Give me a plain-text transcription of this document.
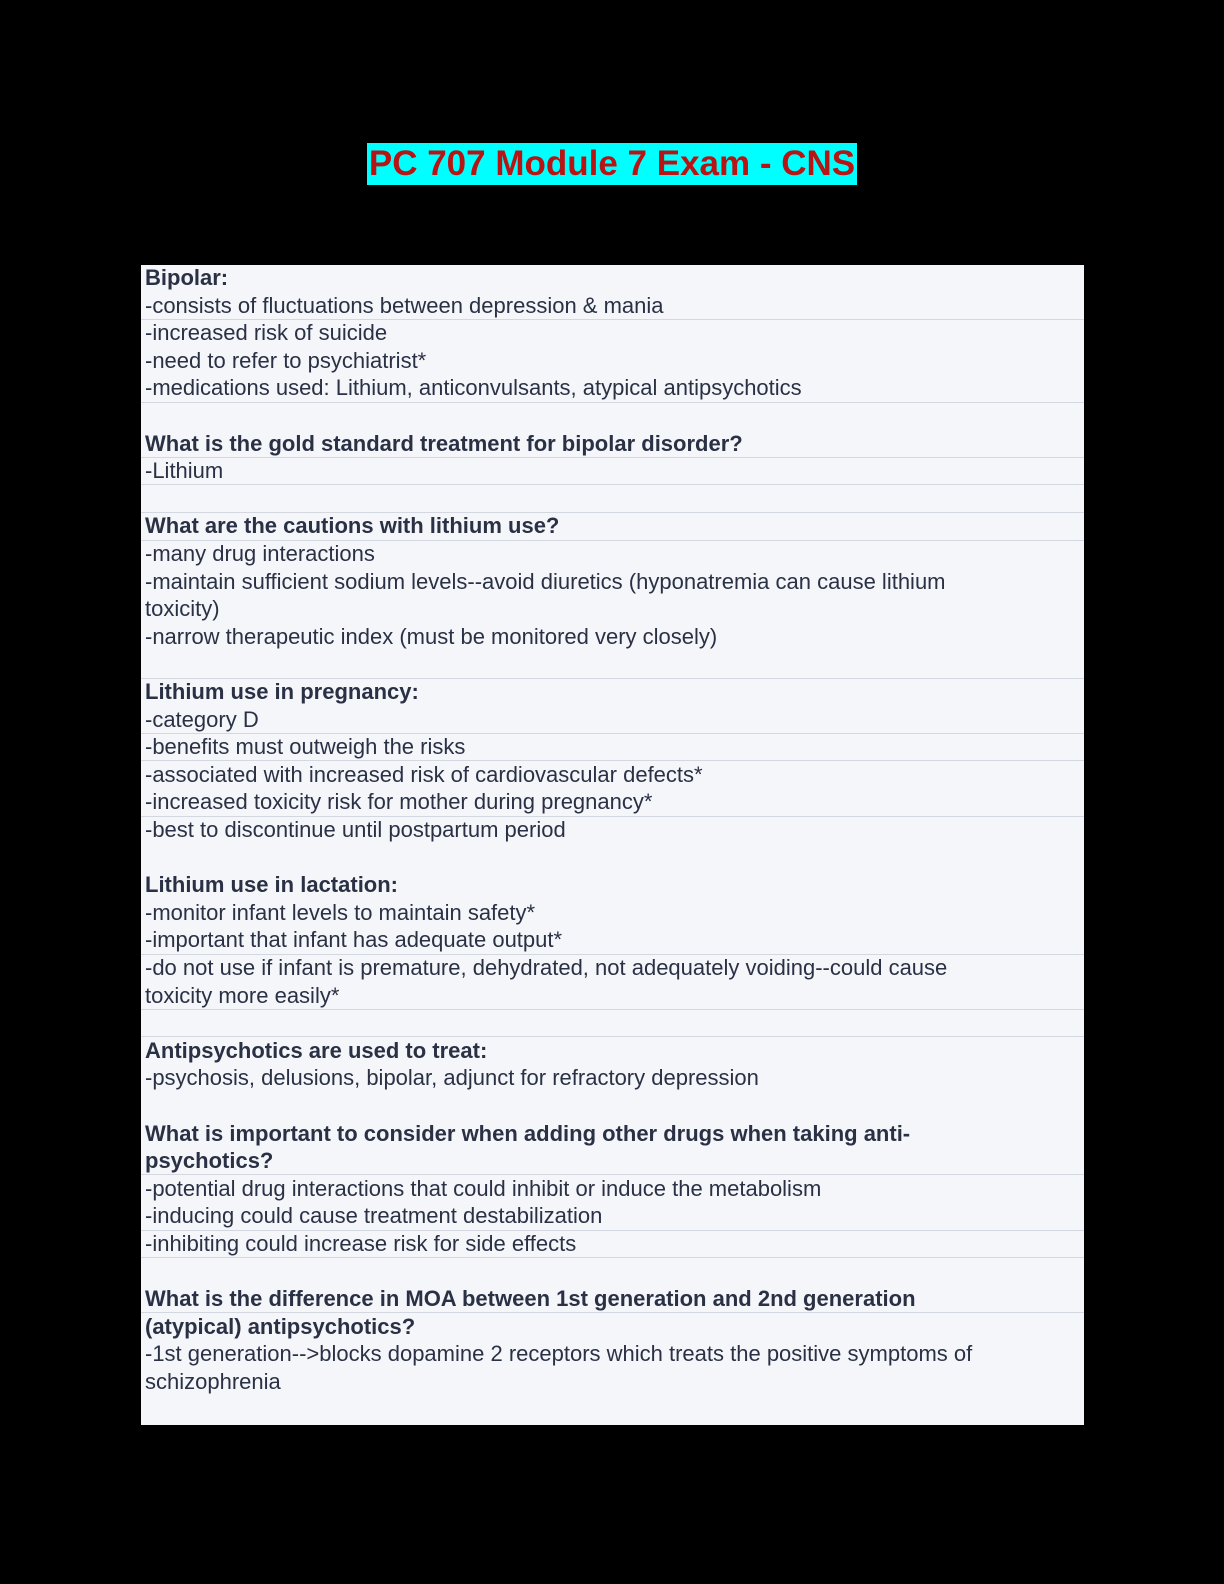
PC 707 Module 7 Exam - CNS
Bipolar:
-consists of fluctuations between depression & mania
-increased risk of suicide
-need to refer to psychiatrist*
-medications used: Lithium, anticonvulsants, atypical antipsychotics
What is the gold standard treatment for bipolar disorder?
-Lithium
What are the cautions with lithium use?
-many drug interactions
-maintain sufficient sodium levels--avoid diuretics (hyponatremia can cause lithium
toxicity)
-narrow therapeutic index (must be monitored very closely)
Lithium use in pregnancy:
-category D
-benefits must outweigh the risks
-associated with increased risk of cardiovascular defects*
-increased toxicity risk for mother during pregnancy*
-best to discontinue until postpartum period
Lithium use in lactation:
-monitor infant levels to maintain safety*
-important that infant has adequate output*
-do not use if infant is premature, dehydrated, not adequately voiding--could cause
toxicity more easily*
Antipsychotics are used to treat:
-psychosis, delusions, bipolar, adjunct for refractory depression
What is important to consider when adding other drugs when taking anti-
psychotics?
-potential drug interactions that could inhibit or induce the metabolism
-inducing could cause treatment destabilization
-inhibiting could increase risk for side effects
What is the difference in MOA between 1st generation and 2nd generation
(atypical) antipsychotics?
-1st generation-->blocks dopamine 2 receptors which treats the positive symptoms of
schizophrenia
